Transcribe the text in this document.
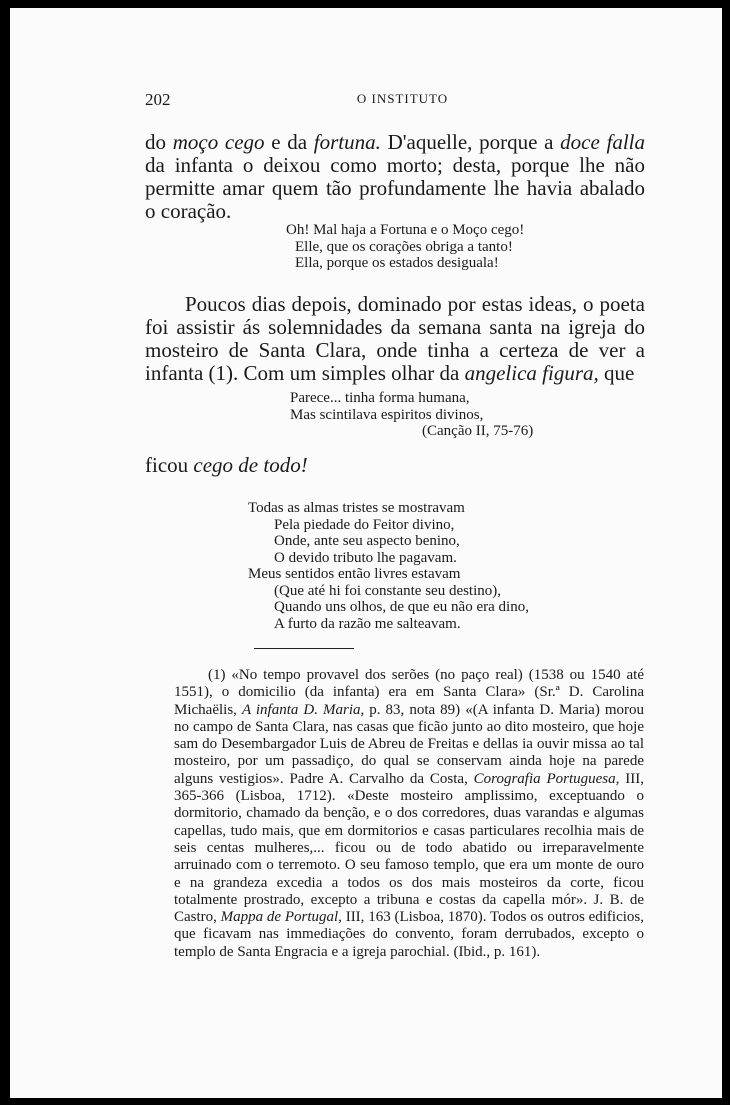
202	O INSTITUTO

do moço cego e da fortuna. D'aquelle, porque a doce falla da infanta o deixou como morto; desta, porque lhe não permitte amar quem tão profundamente lhe havia abalado o coração.

Oh! Mal haja a Fortuna e o Moço cego!
Elle, que os corações obriga a tanto!
Ella, porque os estados desiguala!

Poucos dias depois, dominado por estas ideas, o poeta foi assistir ás solemnidades da semana santa na igreja do mosteiro de Santa Clara, onde tinha a certeza de ver a infanta (1). Com um simples olhar da angelica figura, que

Parece... tinha forma humana,
Mas scintilava espiritos divinos,
(Canção II, 75-76)

ficou cego de todo!

Todas as almas tristes se mostravam
Pela piedade do Feitor divino,
Onde, ante seu aspecto benino,
O devido tributo lhe pagavam.
Meus sentidos então livres estavam
(Que até hi foi constante seu destino),
Quando uns olhos, de que eu não era dino,
A furto da razão me salteavam.

(1) «No tempo provavel dos serões (no paço real) (1538 ou 1540 até 1551), o domicilio (da infanta) era em Santa Clara» (Sr.ª D. Carolina Michaëlis, A infanta D. Maria, p. 83, nota 89) «(A infanta D. Maria) morou no campo de Santa Clara, nas casas que ficão junto ao dito mosteiro, que hoje sam do Desembargador Luis de Abreu de Freitas e dellas ia ouvir missa ao tal mosteiro, por um passadiço, do qual se conservam ainda hoje na parede alguns vestigios». Padre A. Carvalho da Costa, Corografia Portuguesa, III, 365-366 (Lisboa, 1712). «Deste mosteiro amplissimo, exceptuando o dormitorio, chamado da benção, e o dos corredores, duas varandas e algumas capellas, tudo mais, que em dormitorios e casas particulares recolhia mais de seis centas mulheres,... ficou ou de todo abatido ou irreparavelmente arruinado com o terremoto. O seu famoso templo, que era um monte de ouro e na grandeza excedia a todos os dos mais mosteiros da corte, ficou totalmente prostrado, excepto a tribuna e costas da capella mór». J. B. de Castro, Mappa de Portugal, III, 163 (Lisboa, 1870). Todos os outros edificios, que ficavam nas immediações do convento, foram derrubados, excepto o templo de Santa Engracia e a igreja parochial. (Ibid., p. 161).
